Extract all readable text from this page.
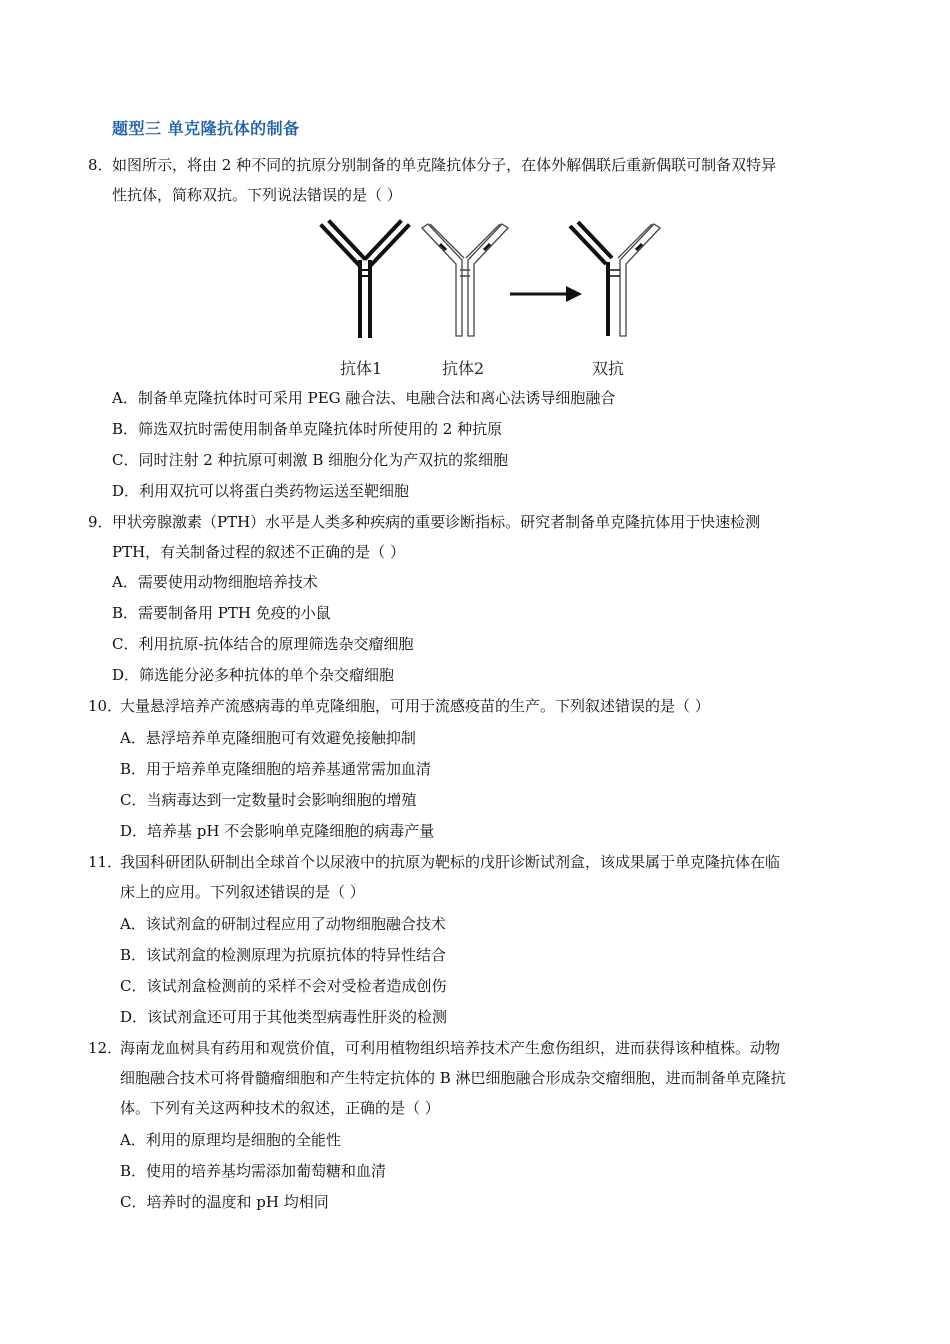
题型三 单克隆抗体的制备
8． 如图所示，将由 2 种不同的抗原分别制备的单克隆抗体分子，在体外解偶联后重新偶联可制备双特异
性抗体，简称双抗。下列说法错误的是（ ）
抗体1	抗体2	双抗
A．制备单克隆抗体时可采用 PEG 融合法、电融合法和离心法诱导细胞融合
B．筛选双抗时需使用制备单克隆抗体时所使用的 2 种抗原
C．同时注射 2 种抗原可刺激 B 细胞分化为产双抗的浆细胞
D．利用双抗可以将蛋白类药物运送至靶细胞
9． 甲状旁腺激素（PTH）水平是人类多种疾病的重要诊断指标。研究者制备单克隆抗体用于快速检测
PTH，有关制备过程的叙述不正确的是（ ）
A．需要使用动物细胞培养技术
B．需要制备用 PTH 免疫的小鼠
C．利用抗原-抗体结合的原理筛选杂交瘤细胞
D．筛选能分泌多种抗体的单个杂交瘤细胞
10．
大量悬浮培养产流感病毒的单克隆细胞，可用于流感疫苗的生产。下列叙述错误的是（ ）
A．悬浮培养单克隆细胞可有效避免接触抑制
B．用于培养单克隆细胞的培养基通常需加血清
C．当病毒达到一定数量时会影响细胞的增殖
D．培养基 pH 不会影响单克隆细胞的病毒产量
11．
我国科研团队研制出全球首个以尿液中的抗原为靶标的戊肝诊断试剂盒，该成果属于单克隆抗体在临
床上的应用。下列叙述错误的是（ ）
A．该试剂盒的研制过程应用了动物细胞融合技术
B．该试剂盒的检测原理为抗原抗体的特异性结合
C．该试剂盒检测前的采样不会对受检者造成创伤
D．该试剂盒还可用于其他类型病毒性肝炎的检测
12．
海南龙血树具有药用和观赏价值，可利用植物组织培养技术产生愈伤组织，进而获得该种植株。动物
细胞融合技术可将骨髓瘤细胞和产生特定抗体的 B 淋巴细胞融合形成杂交瘤细胞，进而制备单克隆抗
体。下列有关这两种技术的叙述，正确的是（ ）
A．利用的原理均是细胞的全能性
B．使用的培养基均需添加葡萄糖和血清
C．培养时的温度和 pH 均相同
